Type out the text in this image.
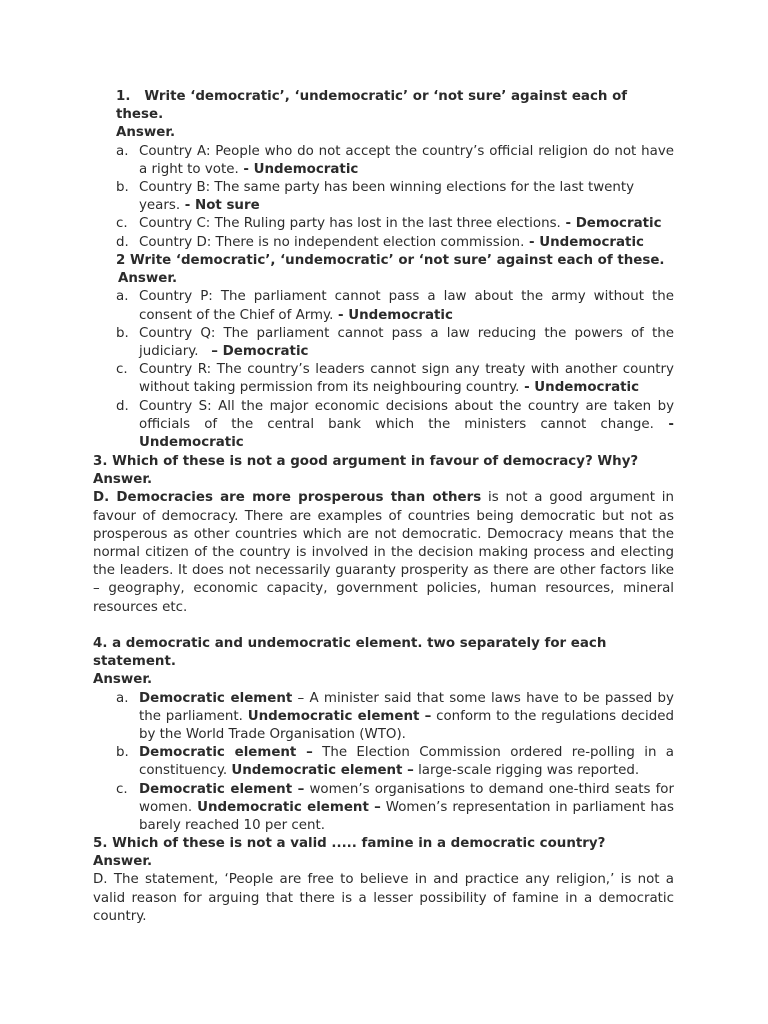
1.   Write ‘democratic’, ‘undemocratic’ or ‘not sure’ against each of these.

Answer.

a. Country A: People who do not accept the country’s official religion do not have a right to vote. - Undemocratic
b. Country B: The same party has been winning elections for the last twenty years. - Not sure
c. Country C: The Ruling party has lost in the last three elections. - Democratic
d. Country D: There is no independent election commission. - Undemocratic

2 Write ‘democratic’, ‘undemocratic’ or ‘not sure’ against each of these.

Answer.

a. Country P: The parliament cannot pass a law about the army without the consent of the Chief of Army. - Undemocratic
b. Country Q: The parliament cannot pass a law reducing the powers of the judiciary.   – Democratic
c. Country R: The country’s leaders cannot sign any treaty with another country without taking permission from its neighbouring country. - Undemocratic
d. Country S: All the major economic decisions about the country are taken by officials of the central bank which the ministers cannot change. - Undemocratic

3. Which of these is not a good argument in favour of democracy? Why?

Answer.

D. Democracies are more prosperous than others is not a good argument in favour of democracy. There are examples of countries being democratic but not as prosperous as other countries which are not democratic. Democracy means that the normal citizen of the country is involved in the decision making process and electing the leaders. It does not necessarily guaranty prosperity as there are other factors like – geography, economic capacity, government policies, human resources, mineral resources etc.

4. a democratic and undemocratic element. two separately for each statement.

Answer.

a. Democratic element – A minister said that some laws have to be passed by the parliament. Undemocratic element – conform to the regulations decided by the World Trade Organisation (WTO).
b. Democratic element – The Election Commission ordered re-polling in a constituency. Undemocratic element – large-scale rigging was reported.
c. Democratic element – women’s organisations to demand one-third seats for women. Undemocratic element – Women’s representation in parliament has barely reached 10 per cent.

5. Which of these is not a valid ..... famine in a democratic country?

Answer.

D. The statement, ‘People are free to believe in and practice any religion,’ is not a valid reason for arguing that there is a lesser possibility of famine in a democratic country.
